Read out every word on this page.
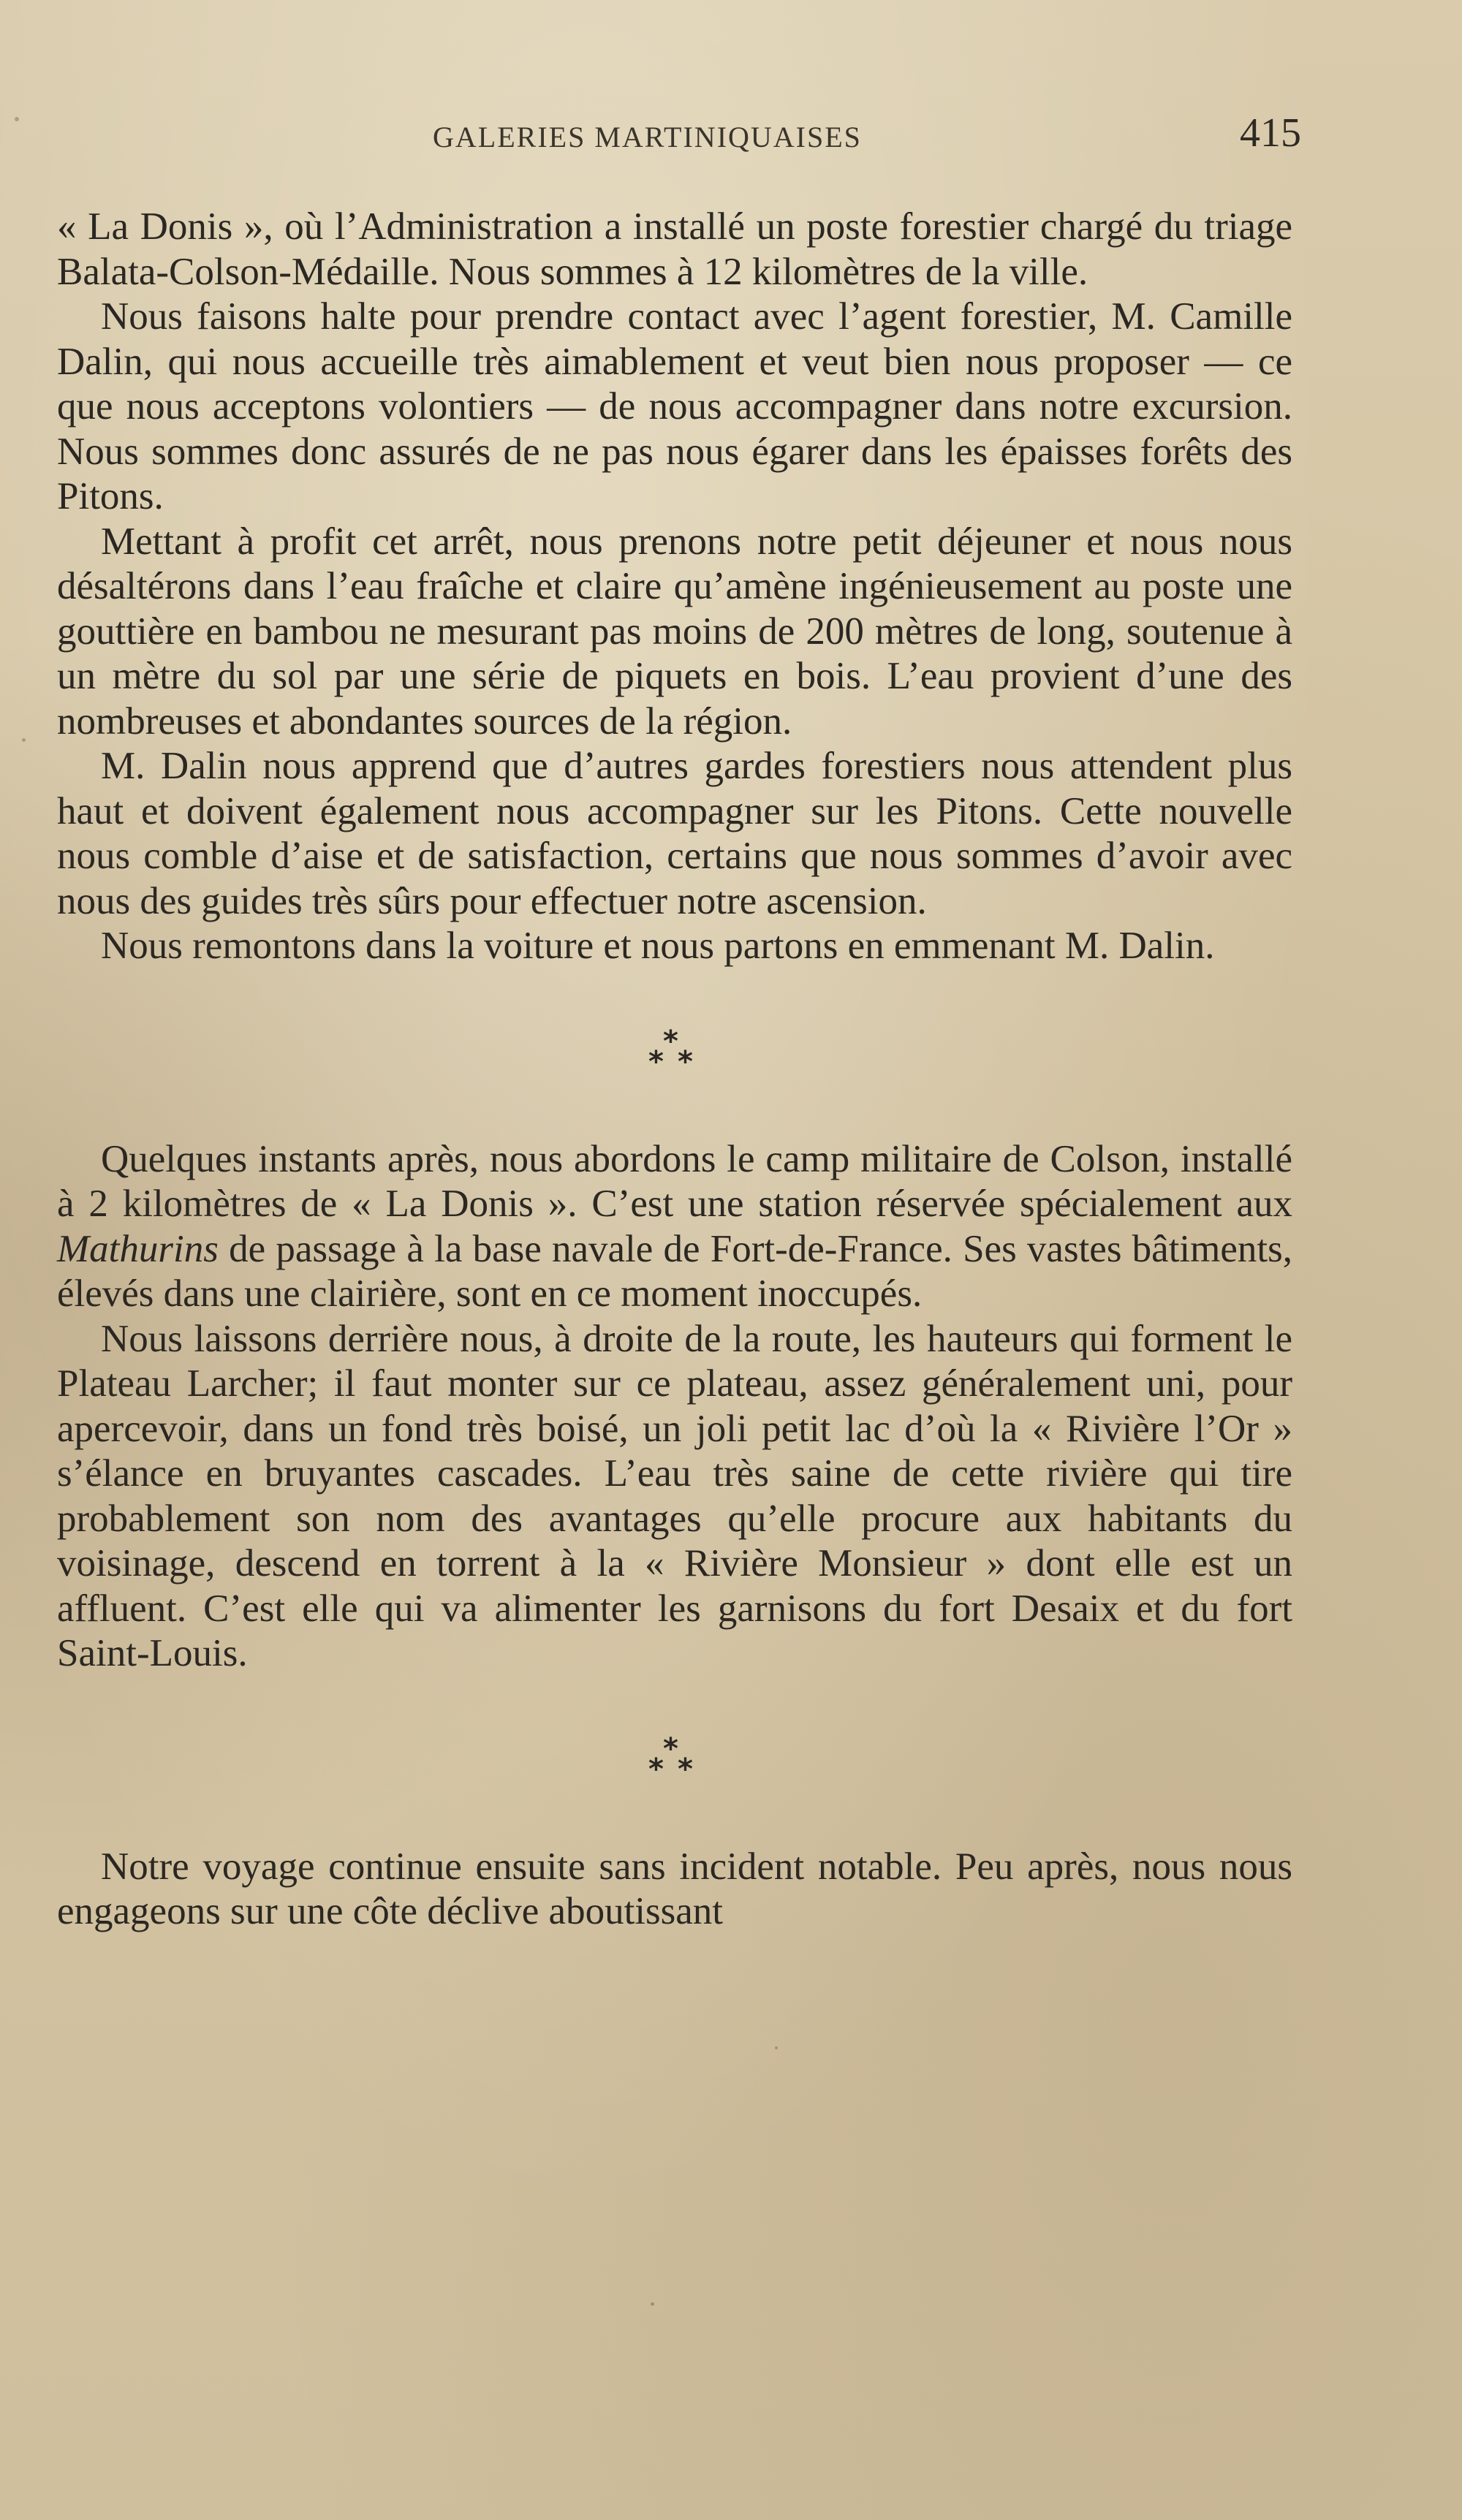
GALERIES MARTINIQUAISES	415

« La Donis », où l’Administration a installé un poste forestier chargé du triage Balata-Colson-Médaille. Nous sommes à 12 kilomètres de la ville.

Nous faisons halte pour prendre contact avec l’agent forestier, M. Camille Dalin, qui nous accueille très aimablement et veut bien nous proposer — ce que nous acceptons volontiers — de nous accompagner dans notre excursion. Nous sommes donc assurés de ne pas nous égarer dans les épaisses forêts des Pitons.

Mettant à profit cet arrêt, nous prenons notre petit déjeuner et nous nous désaltérons dans l’eau fraîche et claire qu’amène ingénieusement au poste une gouttière en bambou ne mesurant pas moins de 200 mètres de long, soutenue à un mètre du sol par une série de piquets en bois. L’eau provient d’une des nombreuses et abondantes sources de la région.

M. Dalin nous apprend que d’autres gardes forestiers nous attendent plus haut et doivent également nous accompagner sur les Pitons. Cette nouvelle nous comble d’aise et de satisfaction, certains que nous sommes d’avoir avec nous des guides très sûrs pour effectuer notre ascension.

Nous remontons dans la voiture et nous partons en emmenant M. Dalin.

*
* *

Quelques instants après, nous abordons le camp militaire de Colson, installé à 2 kilomètres de « La Donis ». C’est une station réservée spécialement aux Mathurins de passage à la base navale de Fort-de-France. Ses vastes bâtiments, élevés dans une clairière, sont en ce moment inoccupés.

Nous laissons derrière nous, à droite de la route, les hauteurs qui forment le Plateau Larcher; il faut monter sur ce plateau, assez généralement uni, pour apercevoir, dans un fond très boisé, un joli petit lac d’où la « Rivière l’Or » s’élance en bruyantes cascades. L’eau très saine de cette rivière qui tire probablement son nom des avantages qu’elle procure aux habitants du voisinage, descend en torrent à la « Rivière Monsieur » dont elle est un affluent. C’est elle qui va alimenter les garnisons du fort Desaix et du fort Saint-Louis.

*
* *

Notre voyage continue ensuite sans incident notable. Peu après, nous nous engageons sur une côte déclive aboutissant
